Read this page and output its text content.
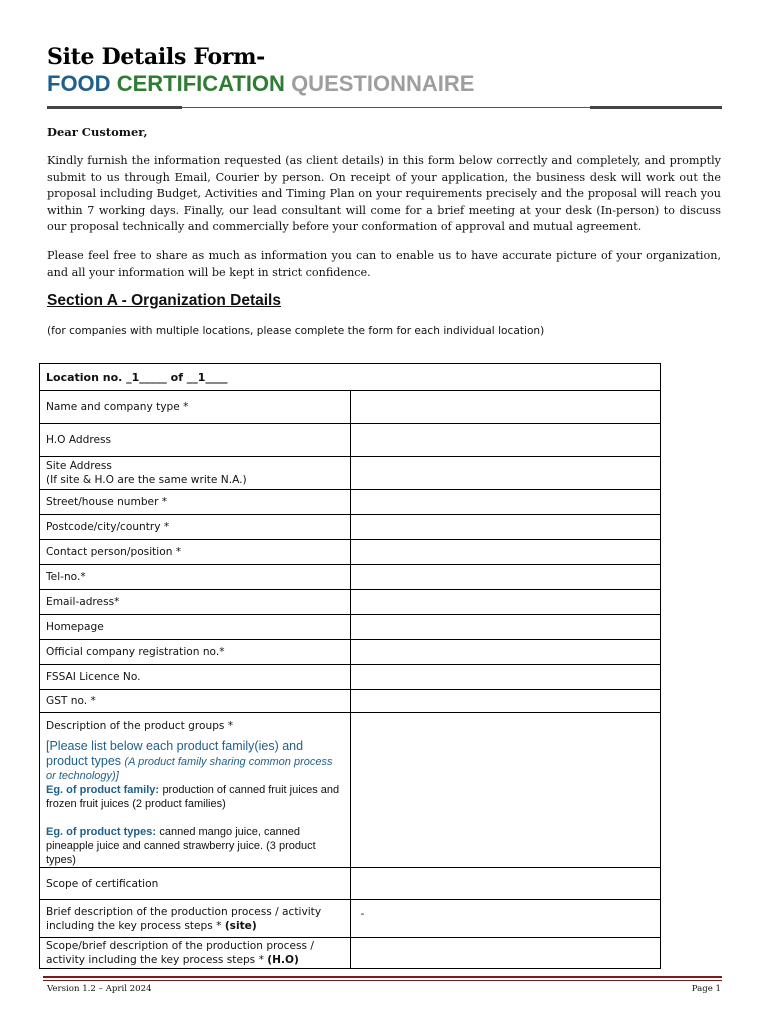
Site Details Form-
FOOD CERTIFICATION QUESTIONNAIRE
Dear Customer,
Kindly furnish the information requested (as client details) in this form below correctly and completely, and promptly submit to us through Email, Courier by person. On receipt of your application, the business desk will work out the proposal including Budget, Activities and Timing Plan on your requirements precisely and the proposal will reach you within 7 working days. Finally, our lead consultant will come for a brief meeting at your desk (In-person) to discuss our proposal technically and commercially before your conformation of approval and mutual agreement.
Please feel free to share as much as information you can to enable us to have accurate picture of your organization, and all your information will be kept in strict confidence.
Section A - Organization Details
(for companies with multiple locations, please complete the form for each individual location)
Location no. _1_____ of __1____	
Name and company type *	
H.O Address	

Site Address
(If site & H.O are the same write N.A.)	

Street/house number *	
Postcode/city/country *	
Contact person/position *	
Tel-no.*	
Email-adress*	
Homepage	
Official company registration no.*	
FSSAI Licence No.	
GST no. *	

Description of the product groups *
[Please list below each product family(ies) and product types (A product family sharing common process or technology)]
Eg. of product family: production of canned fruit juices and frozen fruit juices (2 product families)
Eg. of product types: canned mango juice, canned pineapple juice and canned strawberry juice. (3 product types)	

Scope of certification	
Brief description of the production process / activity including the key process steps * (site)	-
Scope/brief description of the production process / activity including the key process steps * (H.O)	
Version 1.2 – April 2024	Page 1
